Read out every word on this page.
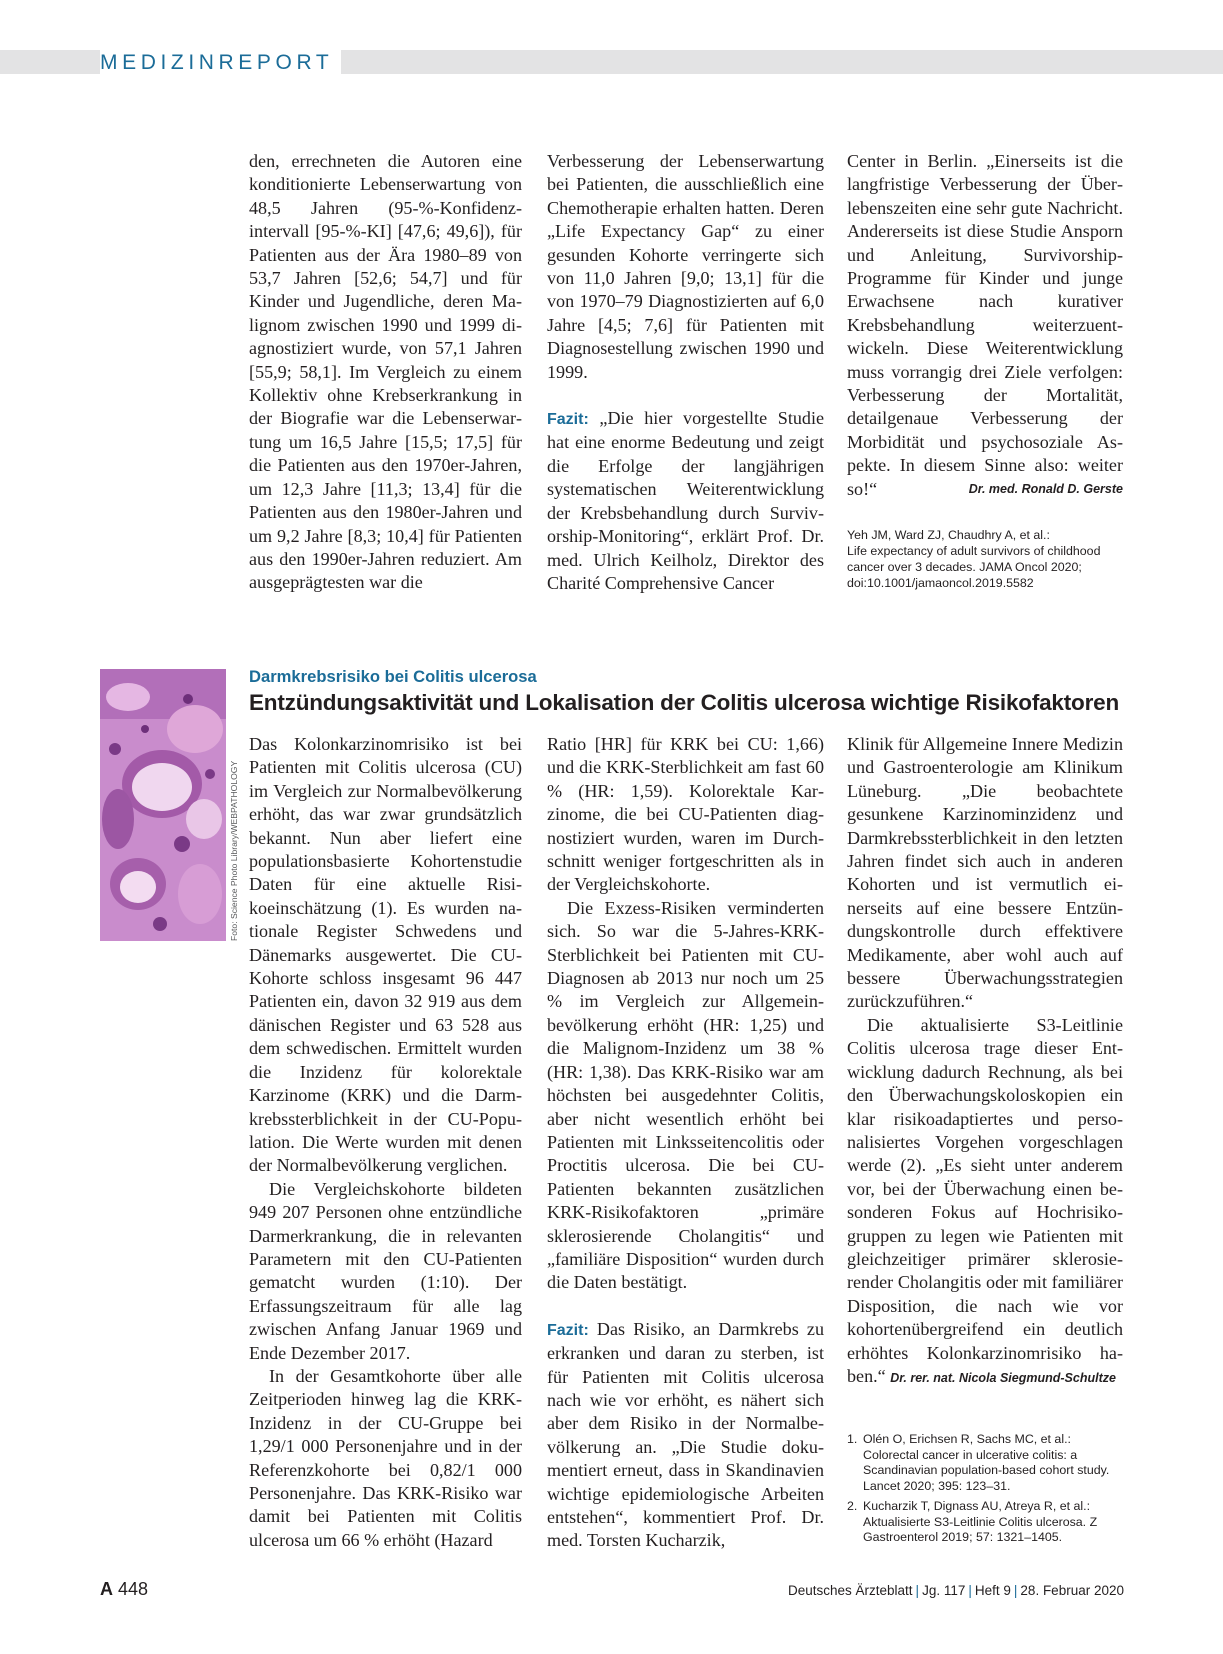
MEDIZINREPORT

den, errechneten die Autoren eine konditionierte Lebenserwartung von 48,5 Jahren (95-%-Konfidenzintervall [95-%-KI] [47,6; 49,6]), für Patienten aus der Ära 1980–89 von 53,7 Jahren [52,6; 54,7] und für Kinder und Jugendliche, deren Malignom zwischen 1990 und 1999 diagnostiziert wurde, von 57,1 Jahren [55,9; 58,1]. Im Vergleich zu einem Kollektiv ohne Krebserkrankung in der Biografie war die Lebenserwartung um 16,5 Jahre [15,5; 17,5] für die Patienten aus den 1970er-Jahren, um 12,3 Jahre [11,3; 13,4] für die Patienten aus den 1980er-Jahren und um 9,2 Jahre [8,3; 10,4] für Patienten aus den 1990er-Jahren reduziert. Am ausgeprägtesten war die

Verbesserung der Lebenserwartung bei Patienten, die ausschließlich eine Chemotherapie erhalten hatten. Deren „Life Expectancy Gap“ zu einer gesunden Kohorte verringerte sich von 11,0 Jahren [9,0; 13,1] für die von 1970–79 Diagnostizierten auf 6,0 Jahre [4,5; 7,6] für Patienten mit Diagnosestellung zwischen 1990 und 1999.

Fazit: „Die hier vorgestellte Studie hat eine enorme Bedeutung und zeigt die Erfolge der langjährigen systematischen Weiterentwicklung der Krebsbehandlung durch Survivorship-Monitoring“, erklärt Prof. Dr. med. Ulrich Keilholz, Direktor des Charité Comprehensive Cancer

Center in Berlin. „Einerseits ist die langfristige Verbesserung der Überlebenszeiten eine sehr gute Nachricht. Andererseits ist diese Studie Ansporn und Anleitung, Survivorship-Programme für Kinder und junge Erwachsene nach kurativer Krebsbehandlung weiterzuentwickeln. Diese Weiterentwicklung muss vorrangig drei Ziele verfolgen: Verbesserung der Mortalität, detailgenaue Verbesserung der Morbidität und psychosoziale Aspekte. In diesem Sinne also: weiter so!“	Dr. med. Ronald D. Gerste

Yeh JM, Ward ZJ, Chaudhry A, et al.:
Life expectancy of adult survivors of childhood cancer over 3 decades. JAMA Oncol 2020; doi:10.1001/jamaoncol.2019.5582
Foto: Science Photo Library/WEBPATHOLOGY
Darmkrebsrisiko bei Colitis ulcerosa
Entzündungsaktivität und Lokalisation der Colitis ulcerosa wichtige Risikofaktoren

Das Kolonkarzinomrisiko ist bei Patienten mit Colitis ulcerosa (CU) im Vergleich zur Normalbevölkerung erhöht, das war zwar grundsätzlich bekannt. Nun aber liefert eine populationsbasierte Kohortenstudie Daten für eine aktuelle Risikoeinschätzung (1). Es wurden nationale Register Schwedens und Dänemarks ausgewertet. Die CU-Kohorte schloss insgesamt 96 447 Patienten ein, davon 32 919 aus dem dänischen Register und 63 528 aus dem schwedischen. Ermittelt wurden die Inzidenz für kolorektale Karzinome (KRK) und die Darmkrebssterblichkeit in der CU-Population. Die Werte wurden mit denen der Normalbevölkerung verglichen.

Die Vergleichskohorte bildeten 949 207 Personen ohne entzündliche Darmerkrankung, die in relevanten Parametern mit den CU-Patienten gematcht wurden (1:10). Der Erfassungszeitraum für alle lag zwischen Anfang Januar 1969 und Ende Dezember 2017.

In der Gesamtkohorte über alle Zeitperioden hinweg lag die KRK-Inzidenz in der CU-Gruppe bei 1,29/1 000 Personenjahre und in der Referenzkohorte bei 0,82/1 000 Personenjahre. Das KRK-Risiko war damit bei Patienten mit Colitis ulcerosa um 66 % erhöht (Hazard

Ratio [HR] für KRK bei CU: 1,66) und die KRK-Sterblichkeit am fast 60 % (HR: 1,59). Kolorektale Karzinome, die bei CU-Patienten diagnostiziert wurden, waren im Durchschnitt weniger fortgeschritten als in der Vergleichskohorte.

Die Exzess-Risiken verminderten sich. So war die 5-Jahres-KRK-Sterblichkeit bei Patienten mit CU-Diagnosen ab 2013 nur noch um 25 % im Vergleich zur Allgemeinbevölkerung erhöht (HR: 1,25) und die Malignom-Inzidenz um 38 % (HR: 1,38). Das KRK-Risiko war am höchsten bei ausgedehnter Colitis, aber nicht wesentlich erhöht bei Patienten mit Linksseitencolitis oder Proctitis ulcerosa. Die bei CU-Patienten bekannten zusätzlichen KRK-Risikofaktoren „primäre sklerosierende Cholangitis“ und „familiäre Disposition“ wurden durch die Daten bestätigt.

Fazit: Das Risiko, an Darmkrebs zu erkranken und daran zu sterben, ist für Patienten mit Colitis ulcerosa nach wie vor erhöht, es nähert sich aber dem Risiko in der Normalbevölkerung an. „Die Studie dokumentiert erneut, dass in Skandinavien wichtige epidemiologische Arbeiten entstehen“, kommentiert Prof. Dr. med. Torsten Kucharzik,

Klinik für Allgemeine Innere Medizin und Gastroenterologie am Klinikum Lüneburg. „Die beobachtete gesunkene Karzinominzidenz und Darmkrebssterblichkeit in den letzten Jahren findet sich auch in anderen Kohorten und ist vermutlich einerseits auf eine bessere Entzündungskontrolle durch effektivere Medikamente, aber wohl auch auf bessere Überwachungsstrategien zurückzuführen.“

Die aktualisierte S3-Leitlinie Colitis ulcerosa trage dieser Entwicklung dadurch Rechnung, als bei den Überwachungskoloskopien ein klar risikoadaptiertes und personalisiertes Vorgehen vorgeschlagen werde (2). „Es sieht unter anderem vor, bei der Überwachung einen besonderen Fokus auf Hochrisikogruppen zu legen wie Patienten mit gleichzeitiger primärer sklerosierender Cholangitis oder mit familiärer Disposition, die nach wie vor kohortenübergreifend ein deutlich erhöhtes Kolonkarzinomrisiko haben.“ Dr. rer. nat. Nicola Siegmund-Schultze

1. Olén O, Erichsen R, Sachs MC, et al.: Colorectal cancer in ulcerative colitis: a Scandinavian population-based cohort study. Lancet 2020; 395: 123–31.
2. Kucharzik T, Dignass AU, Atreya R, et al.: Aktualisierte S3-Leitlinie Colitis ulcerosa. Z Gastroenterol 2019; 57: 1321–1405.
A 448	Deutsches Ärzteblatt | Jg. 117 | Heft 9 | 28. Februar 2020
